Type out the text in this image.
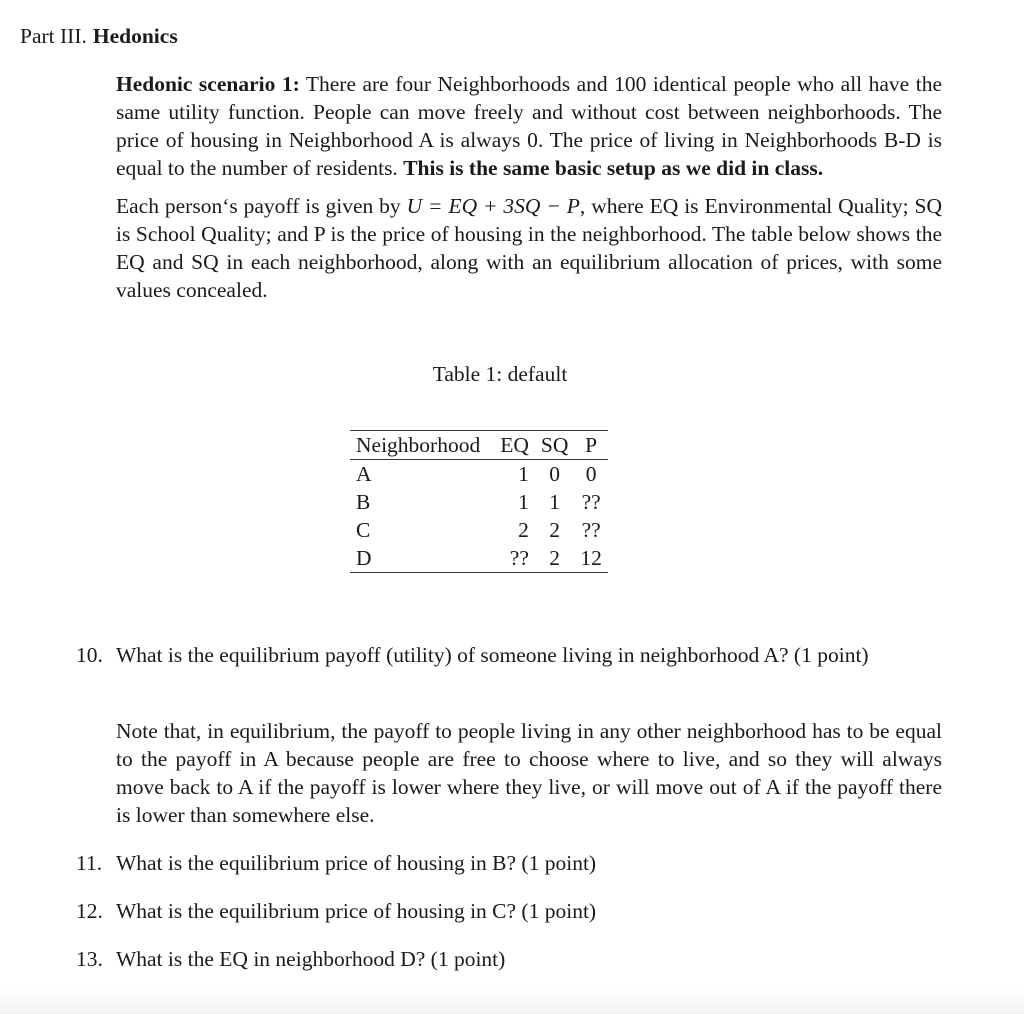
Part III. Hedonics

Hedonic scenario 1: There are four Neighborhoods and 100 identical people who all have the same utility function. People can move freely and without cost between neighborhoods. The price of housing in Neighborhood A is always 0. The price of living in Neighborhoods B-D is equal to the number of residents. This is the same basic setup as we did in class.

Each person‘s payoff is given by U = EQ + 3SQ − P, where EQ is Environmental Quality; SQ is School Quality; and P is the price of housing in the neighborhood. The table below shows the EQ and SQ in each neighborhood, along with an equilibrium allocation of prices, with some values concealed.

Table 1: default
Neighborhood	EQ	SQ	P
A	1	0	0
B	1	1	??
C	2	2	??
D	??	2	12
10. What is the equilibrium payoff (utility) of someone living in neighborhood A? (1 point)
Note that, in equilibrium, the payoff to people living in any other neighborhood has to be equal to the payoff in A because people are free to choose where to live, and so they will always move back to A if the payoff is lower where they live, or will move out of A if the payoff there is lower than somewhere else.
11. What is the equilibrium price of housing in B? (1 point)
12. What is the equilibrium price of housing in C? (1 point)
13. What is the EQ in neighborhood D? (1 point)
